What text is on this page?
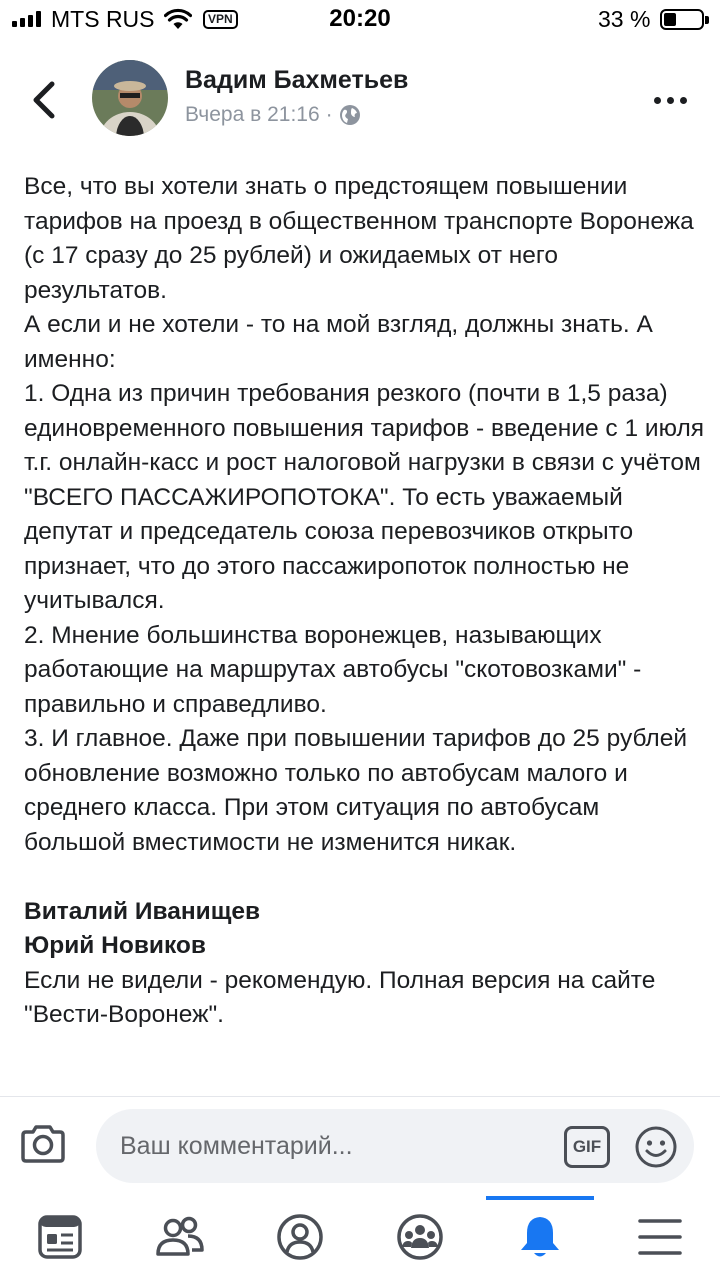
MTS RUS	VPN	20:20	33 %
Вадим Бахметьев
Вчера в 21:16 ·

Все, что вы хотели знать о предстоящем повышении тарифов на проезд в общественном транспорте Воронежа (с 17 сразу до 25 рублей) и ожидаемых от него результатов.

А если и не хотели - то на мой взгляд, должны знать. А именно:

1. Одна из причин требования резкого (почти в 1,5 раза) единовременного повышения тарифов - введение с 1 июля т.г. онлайн-касс и рост налоговой нагрузки в связи с учётом "ВСЕГО ПАССАЖИРОПОТОКА". То есть уважаемый депутат и председатель союза перевозчиков открыто признает, что до этого пассажиропоток полностью не учитывался.

2. Мнение большинства воронежцев, называющих работающие на маршрутах автобусы "скотовозками" - правильно и справедливо.

3. И главное. Даже при повышении тарифов до 25 рублей обновление возможно только по автобусам малого и среднего класса. При этом ситуация по автобусам большой вместимости не изменится никак.

Виталий Иванищев
Юрий Новиков

Если не видели - рекомендую. Полная версия на сайте "Вести-Воронеж".

Ваш комментарий...
GIF
